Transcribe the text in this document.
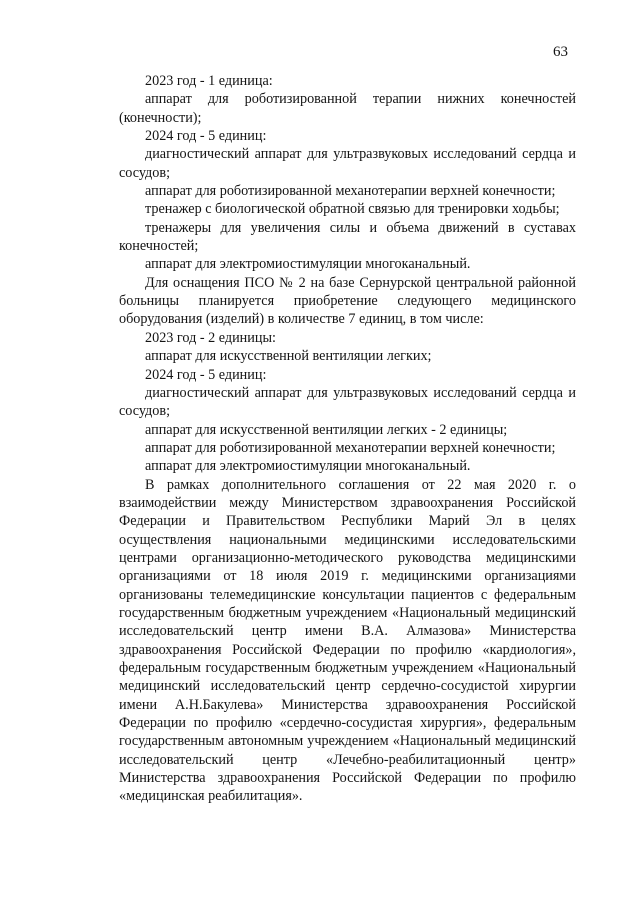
63

2023 год - 1 единица:

аппарат для роботизированной терапии нижних конечностей (конечности);

2024 год - 5 единиц:

диагностический аппарат для ультразвуковых исследований сердца и сосудов;

аппарат для роботизированной механотерапии верхней конечности;

тренажер с биологической обратной связью для тренировки ходьбы;

тренажеры для увеличения силы и объема движений в суставах конечностей;

аппарат для электромиостимуляции многоканальный.

Для оснащения ПСО № 2 на базе Сернурской центральной районной больницы планируется приобретение следующего медицинского оборудования (изделий) в количестве 7 единиц, в том числе:

2023 год - 2 единицы:

аппарат для искусственной вентиляции легких;

2024 год - 5 единиц:

диагностический аппарат для ультразвуковых исследований сердца и сосудов;

аппарат для искусственной вентиляции легких - 2 единицы;

аппарат для роботизированной механотерапии верхней конечности;

аппарат для электромиостимуляции многоканальный.

В рамках дополнительного соглашения от 22 мая 2020 г. о взаимодействии между Министерством здравоохранения Российской Федерации и Правительством Республики Марий Эл в целях осуществления национальными медицинскими исследовательскими центрами организационно-методического руководства медицинскими организациями от 18 июля 2019 г. медицинскими организациями организованы телемедицинские консультации пациентов с федеральным государственным бюджетным учреждением «Национальный медицинский исследовательский центр имени В.А. Алмазова» Министерства здравоохранения Российской Федерации по профилю «кардиология», федеральным государственным бюджетным учреждением «Национальный медицинский исследовательский центр сердечно-сосудистой хирургии имени А.Н.Бакулева» Министерства здравоохранения Российской Федерации по профилю «сердечно-сосудистая хирургия», федеральным государственным автономным учреждением «Национальный медицинский исследовательский центр «Лечебно-реабилитационный центр» Министерства здравоохранения Российской Федерации по профилю «медицинская реабилитация».
